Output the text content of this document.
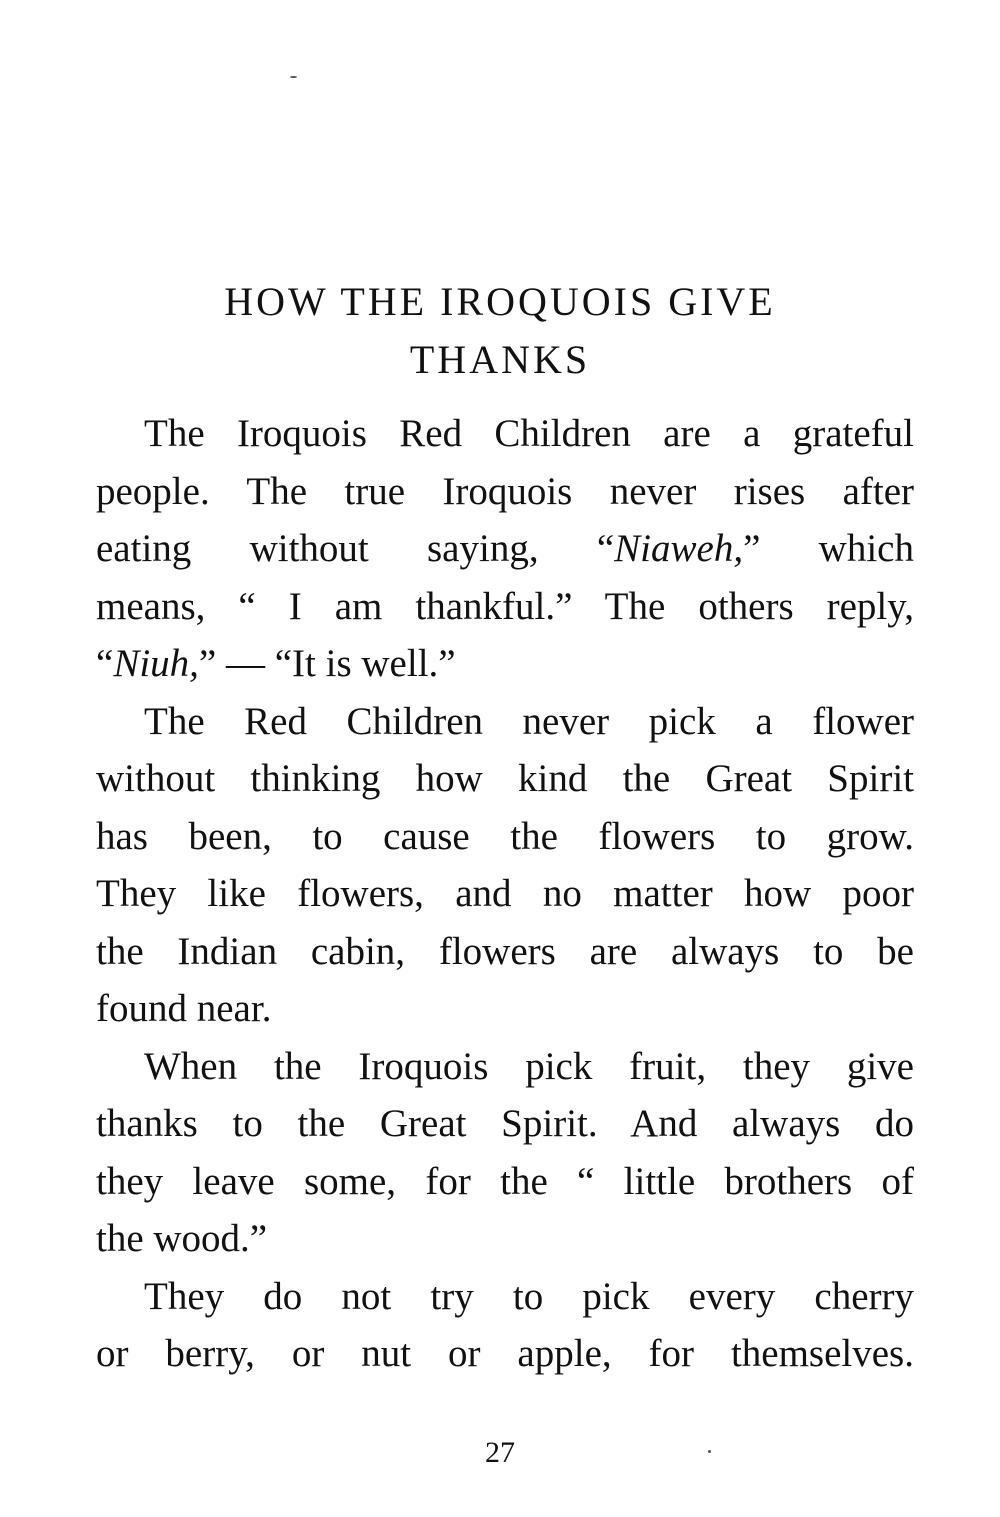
HOW THE IROQUOIS GIVE
THANKS
The Iroquois Red Children are a grateful
people. The true Iroquois never rises after
eating without saying, “Niaweh,” which
means, “ I am thankful.” The others reply,
“Niuh,” — “It is well.”
The Red Children never pick a flower
without thinking how kind the Great Spirit
has been, to cause the flowers to grow.
They like flowers, and no matter how poor
the Indian cabin, flowers are always to be
found near.
When the Iroquois pick fruit, they give
thanks to the Great Spirit. And always do
they leave some, for the “ little brothers of
the wood.”
They do not try to pick every cherry
or berry, or nut or apple, for themselves.
27
